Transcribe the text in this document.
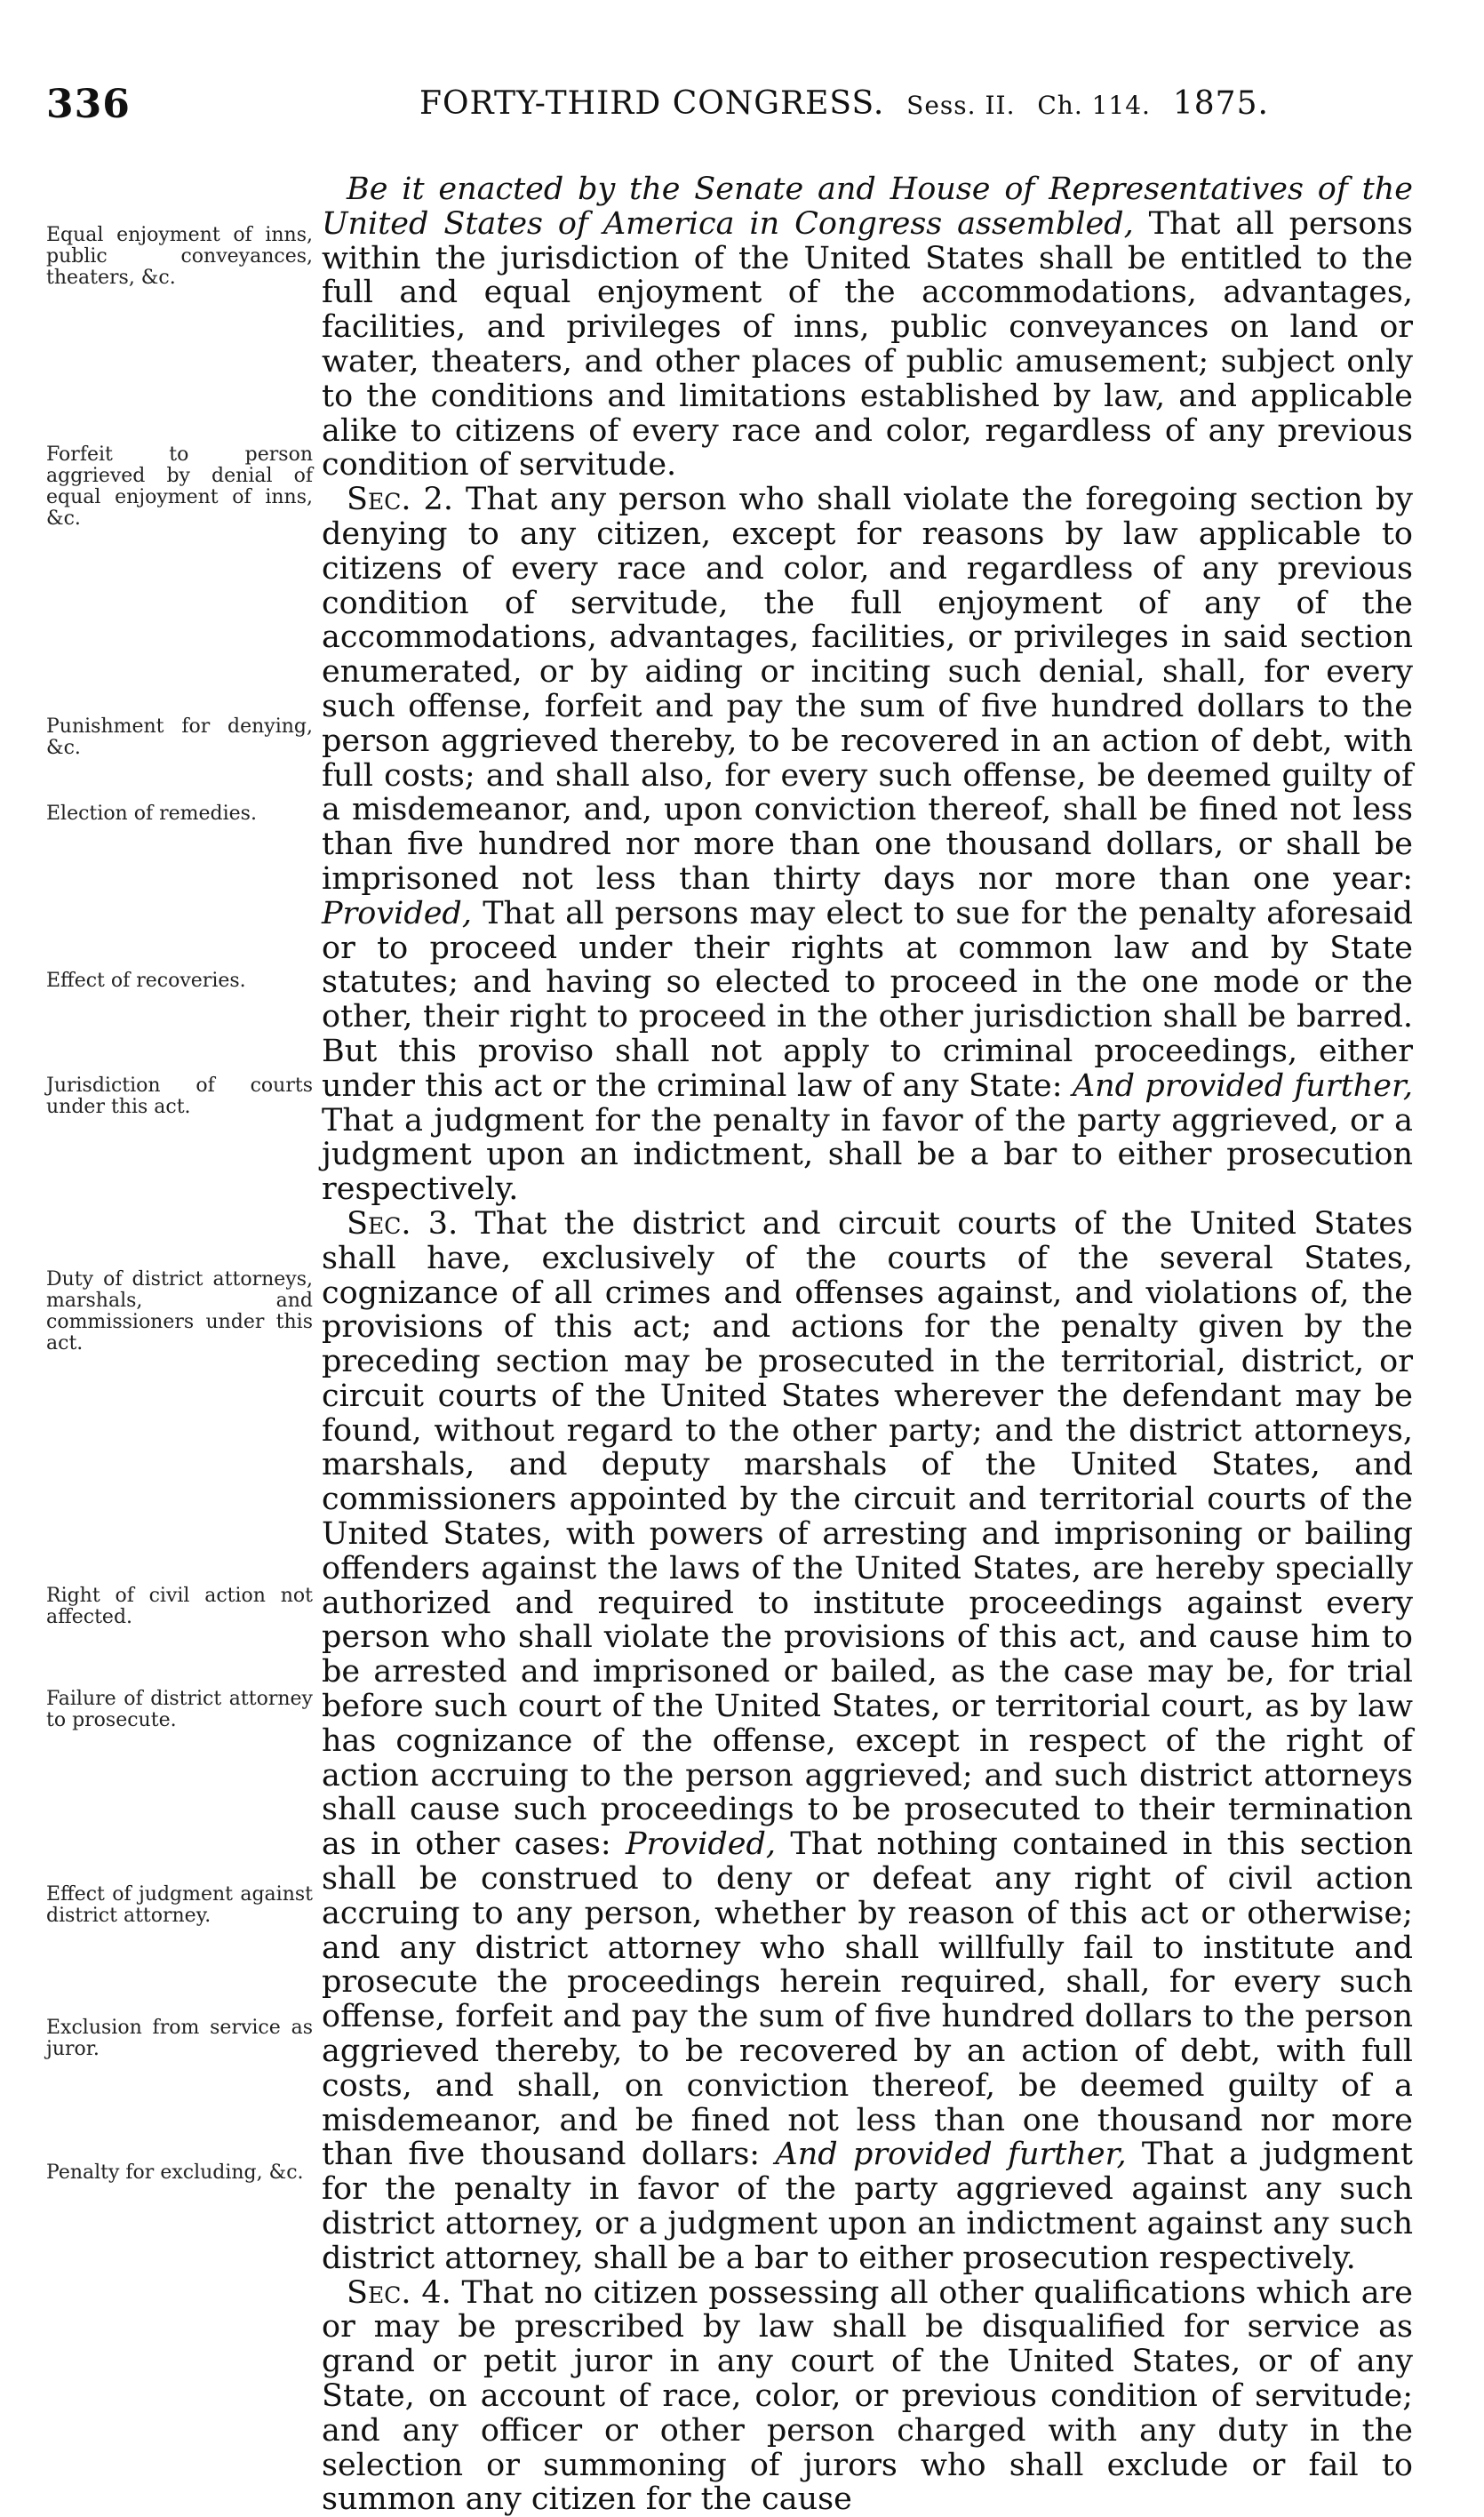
336	FORTY-THIRD CONGRESS. Sess. II. Ch. 114. 1875.
Equal enjoyment of inns, public conveyances, theaters, &c.
Forfeit to person aggrieved by denial of equal enjoyment of inns, &c.
Punishment for denying, &c.
Election of remedies.
Effect of recoveries.
Jurisdiction of courts under this act.
Duty of district attorneys, marshals, and commissioners under this act.
Right of civil action not affected.
Failure of district attorney to prosecute.
Effect of judgment against district attorney.
Exclusion from service as juror.
Penalty for excluding, &c.

Be it enacted by the Senate and House of Representatives of the United States of America in Congress assembled, That all persons within the jurisdiction of the United States shall be entitled to the full and equal enjoyment of the accommodations, advantages, facilities, and privileges of inns, public conveyances on land or water, theaters, and other places of public amusement; subject only to the conditions and limitations established by law, and applicable alike to citizens of every race and color, regardless of any previous condition of servitude.

Sec. 2. That any person who shall violate the foregoing section by denying to any citizen, except for reasons by law applicable to citizens of every race and color, and regardless of any previous condition of servitude, the full enjoyment of any of the accommodations, advantages, facilities, or privileges in said section enumerated, or by aiding or inciting such denial, shall, for every such offense, forfeit and pay the sum of five hundred dollars to the person aggrieved thereby, to be recovered in an action of debt, with full costs; and shall also, for every such offense, be deemed guilty of a misdemeanor, and, upon conviction thereof, shall be fined not less than five hundred nor more than one thousand dollars, or shall be imprisoned not less than thirty days nor more than one year: Provided, That all persons may elect to sue for the penalty aforesaid or to proceed under their rights at common law and by State statutes; and having so elected to proceed in the one mode or the other, their right to proceed in the other jurisdiction shall be barred. But this proviso shall not apply to criminal proceedings, either under this act or the criminal law of any State: And provided further, That a judgment for the penalty in favor of the party aggrieved, or a judgment upon an indictment, shall be a bar to either prosecution respectively.

Sec. 3. That the district and circuit courts of the United States shall have, exclusively of the courts of the several States, cognizance of all crimes and offenses against, and violations of, the provisions of this act; and actions for the penalty given by the preceding section may be prosecuted in the territorial, district, or circuit courts of the United States wherever the defendant may be found, without regard to the other party; and the district attorneys, marshals, and deputy marshals of the United States, and commissioners appointed by the circuit and territorial courts of the United States, with powers of arresting and imprisoning or bailing offenders against the laws of the United States, are hereby specially authorized and required to institute proceedings against every person who shall violate the provisions of this act, and cause him to be arrested and imprisoned or bailed, as the case may be, for trial before such court of the United States, or territorial court, as by law has cognizance of the offense, except in respect of the right of action accruing to the person aggrieved; and such district attorneys shall cause such proceedings to be prosecuted to their termination as in other cases: Provided, That nothing contained in this section shall be construed to deny or defeat any right of civil action accruing to any person, whether by reason of this act or otherwise; and any district attorney who shall willfully fail to institute and prosecute the proceedings herein required, shall, for every such offense, forfeit and pay the sum of five hundred dollars to the person aggrieved thereby, to be recovered by an action of debt, with full costs, and shall, on conviction thereof, be deemed guilty of a misdemeanor, and be fined not less than one thousand nor more than five thousand dollars: And provided further, That a judgment for the penalty in favor of the party aggrieved against any such district attorney, or a judgment upon an indictment against any such district attorney, shall be a bar to either prosecution respectively.

Sec. 4. That no citizen possessing all other qualifications which are or may be prescribed by law shall be disqualified for service as grand or petit juror in any court of the United States, or of any State, on account of race, color, or previous condition of servitude; and any officer or other person charged with any duty in the selection or summoning of jurors who shall exclude or fail to summon any citizen for the cause
